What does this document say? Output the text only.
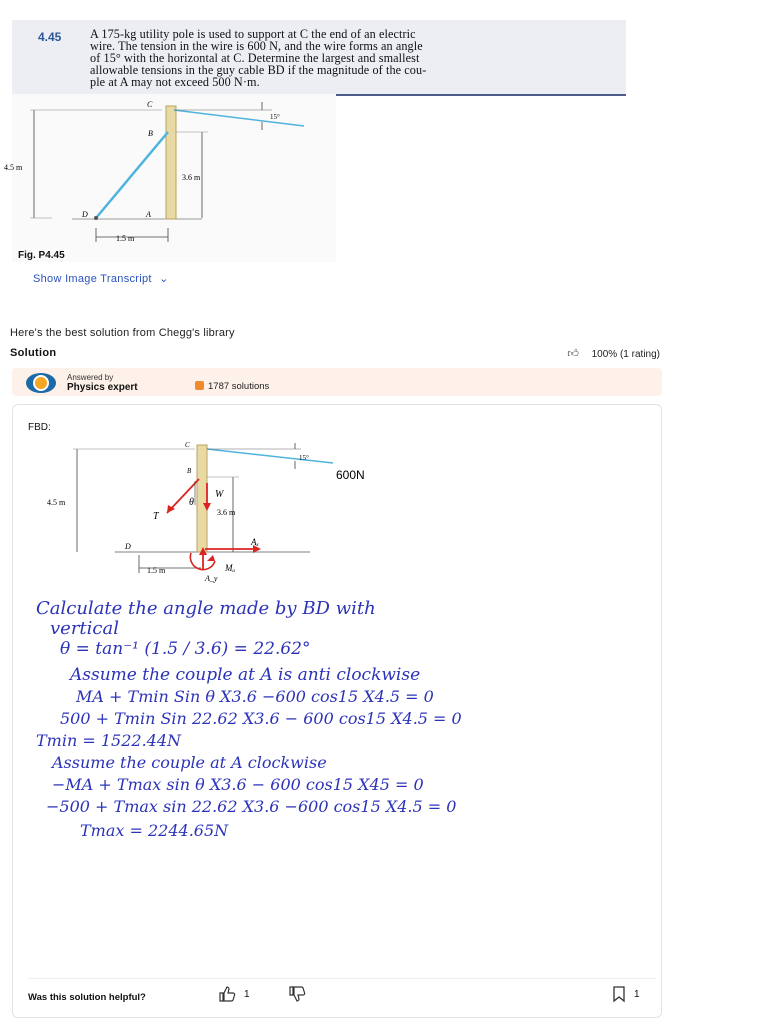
4.45 A 175-kg utility pole is used to support at C the end of an electric
wire. The tension in the wire is 600 N, and the wire forms an angle
of 15° with the horizontal at C. Determine the largest and smallest
allowable tensions in the guy cable BD if the magnitude of the cou-
ple at A may not exceed 500 N·m.
C
B
D	A
4.5 m
3.6 m
1.5 m
15°
Fig. P4.45
Show Image Transcript ⌄
Here's the best solution from Chegg's library
Solution	👍︎ 100% (1 rating)
Answered by
Physics expert	1787 solutions
FBD:
C
B
D
4.5 m
3.6 m
1.5 m
15°
600N
T
θ
W
Aₓ
A_y
Mₐ
Calculate the angle made by BD with
vertical
θ = tan⁻¹ (1.5 / 3.6) = 22.62°
Assume the couple at A is anti clockwise
MA + Tmin Sin θ X3.6 −600 cos15 X4.5 = 0
500 + Tmin Sin 22.62 X3.6 − 600 cos15 X4.5 = 0
Tmin = 1522.44N
Assume the couple at A clockwise
−MA + Tmax sin θ X3.6 − 600 cos15 X45 = 0
−500 + Tmax sin 22.62 X3.6 −600 cos15 X4.5 = 0
Tmax = 2244.65N
Was this solution helpful?	1	1
